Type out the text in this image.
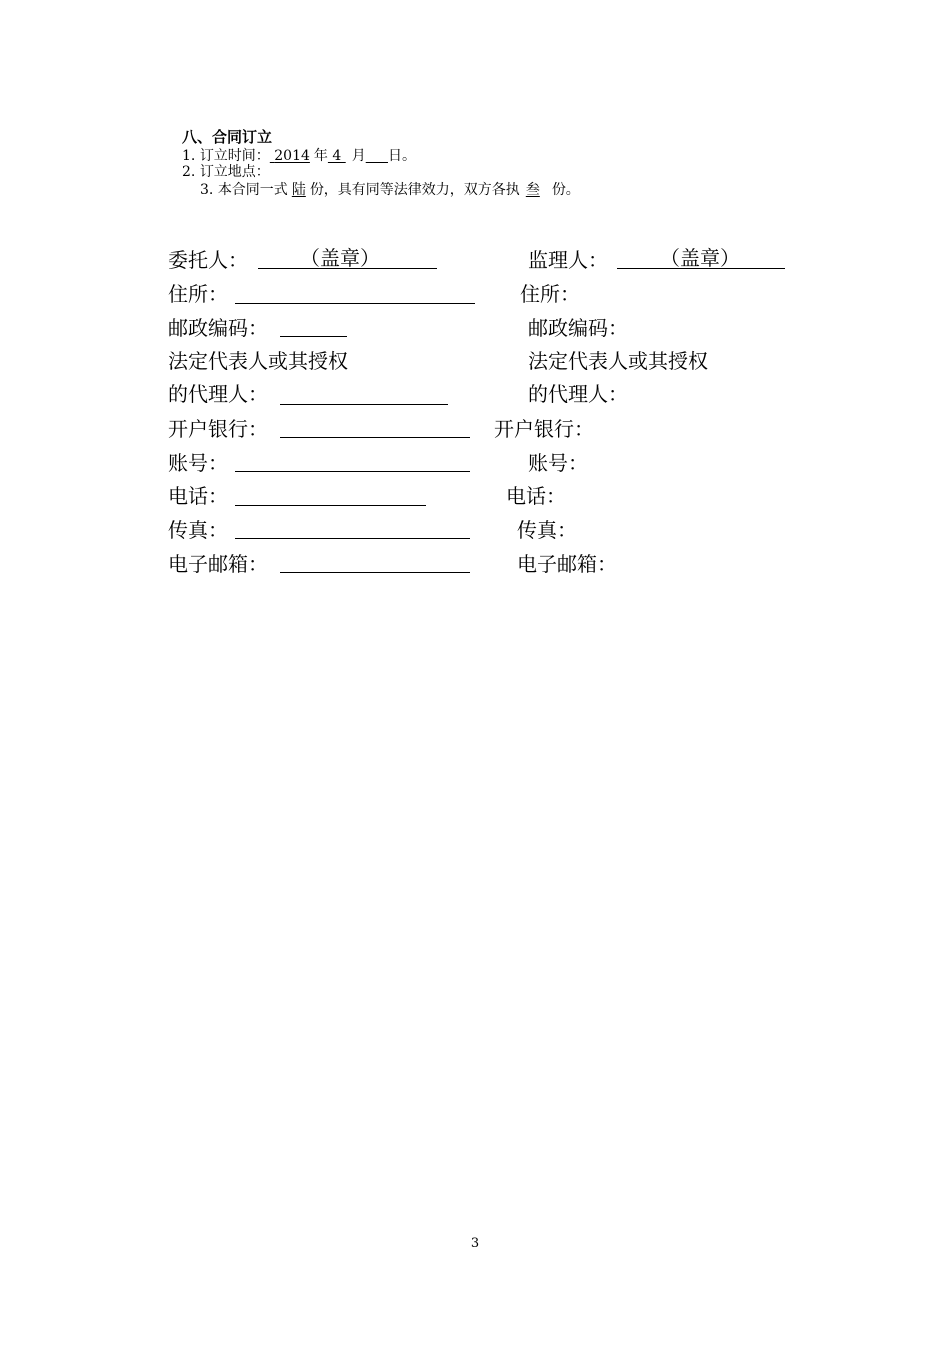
八、合同订立
1. 订立时间： 2014 年 4 月 日。
2. 订立地点：
3. 本合同一式 陆 份，具有同等法律效力，双方各执 叁 份。
委托人：	（盖章）
住所：
邮政编码：
法定代表人或其授权
的代理人：
开户银行：
账号：
电话：
传真：
电子邮箱：
监理人：	（盖章）
住所：
邮政编码：
法定代表人或其授权
的代理人：
开户银行：
账号：
电话：
传真：
电子邮箱：
3
